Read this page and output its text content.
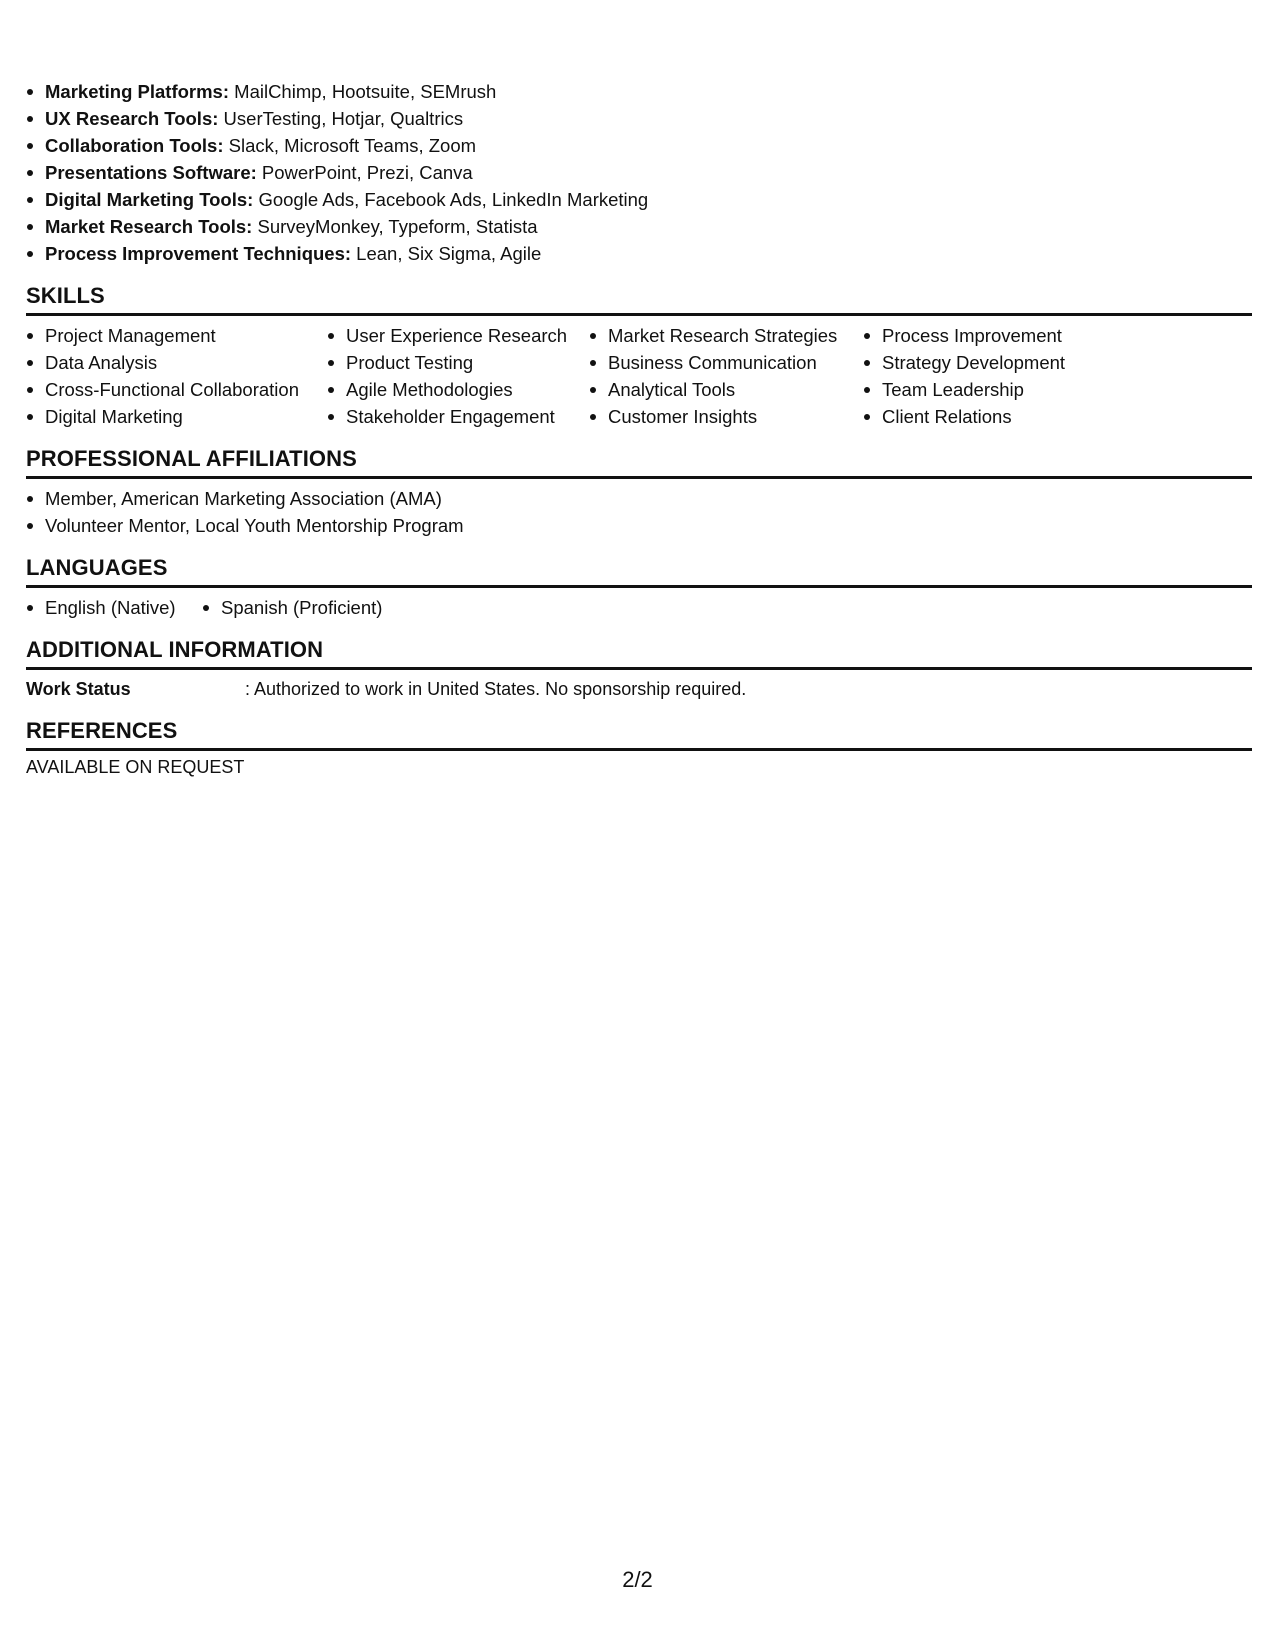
Marketing Platforms: MailChimp, Hootsuite, SEMrush
UX Research Tools: UserTesting, Hotjar, Qualtrics
Collaboration Tools: Slack, Microsoft Teams, Zoom
Presentations Software: PowerPoint, Prezi, Canva
Digital Marketing Tools: Google Ads, Facebook Ads, LinkedIn Marketing
Market Research Tools: SurveyMonkey, Typeform, Statista
Process Improvement Techniques: Lean, Six Sigma, Agile
SKILLS
Project Management
Data Analysis
Cross-Functional Collaboration
Digital Marketing
User Experience Research
Product Testing
Agile Methodologies
Stakeholder Engagement
Market Research Strategies
Business Communication
Analytical Tools
Customer Insights
Process Improvement
Strategy Development
Team Leadership
Client Relations
PROFESSIONAL AFFILIATIONS
Member, American Marketing Association (AMA)
Volunteer Mentor, Local Youth Mentorship Program
LANGUAGES
English (Native)	Spanish (Proficient)
ADDITIONAL INFORMATION
Work Status	: Authorized to work in United States. No sponsorship required.
REFERENCES
AVAILABLE ON REQUEST
2/2
